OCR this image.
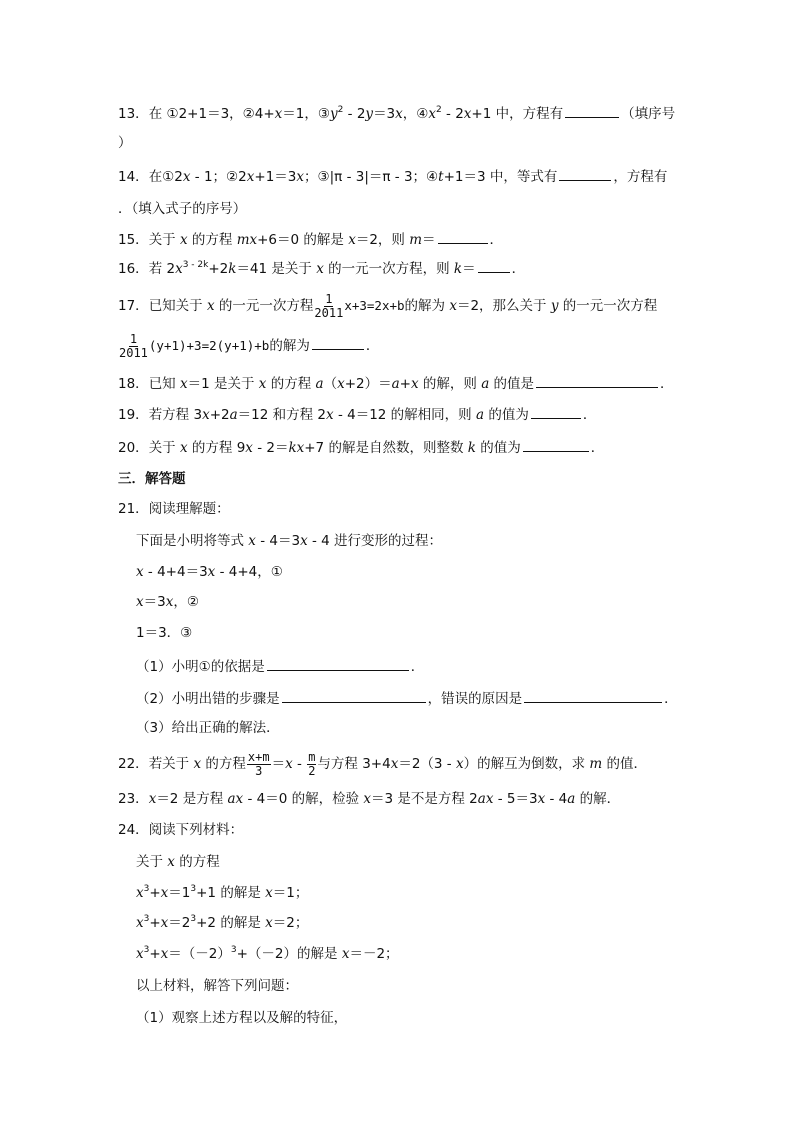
13．在 ①2+1＝3，②4+x＝1，$③y^2 - 2y=3x$，$④x^2 - 2x+1$ 中，方程有	（填序号
）
14．在①2x - 1；②2x+1＝3x；③|π - 3|＝π - 3；④t+1＝3 中，等式有	，方程有
．（填入式子的序号）
15．关于 x 的方程 mx+6＝0 的解是 x＝2，则 m＝	．
16．若 $2x^{3 - 2k}+2k=41$ 是关于 x 的一元一次方程，则 k＝	．
17．已知关于 x 的一元一次方程 $\frac{1}{2011} x+3=2x+b$的解为 x＝2，那么关于 y 的一元一次方程
$\frac{1}{2011} (y+1)+3=2(y+1)+b$的解为	．
18．已知 x＝1 是关于 x 的方程 a（x+2）＝a+x 的解，则 a 的值是	．
19．若方程 3x+2a＝12 和方程 2x - 4＝12 的解相同，则 a 的值为	．
20．关于 x 的方程 9x - 2＝kx+7 的解是自然数，则整数 k 的值为	．
三．解答题
21．阅读理解题：
下面是小明将等式 x - 4＝3x - 4 进行变形的过程：
x - 4+4＝3x - 4+4，①
x＝3x，②
1＝3．③
（1）小明①的依据是	．
（2）小明出错的步骤是	，错误的原因是	．
（3）给出正确的解法．
22．若关于 x 的方程 $\frac{x+m}{3} =x - \frac{m}{2}$ 与方程 3+4x＝2（3 - x）的解互为倒数，求 m 的值．
23．x＝2 是方程 ax - 4＝0 的解，检验 x＝3 是不是方程 2ax - 5＝3x - 4a 的解．
24．阅读下列材料：
关于 x 的方程
$x^3+x=1^3+1$ 的解是 x＝1；
$x^3+x=2^3+2$ 的解是 x＝2；
$x^3+x=(-2)^3+(-2)$的解是 x＝－2；
以上材料，解答下列问题：
（1）观察上述方程以及解的特征，
